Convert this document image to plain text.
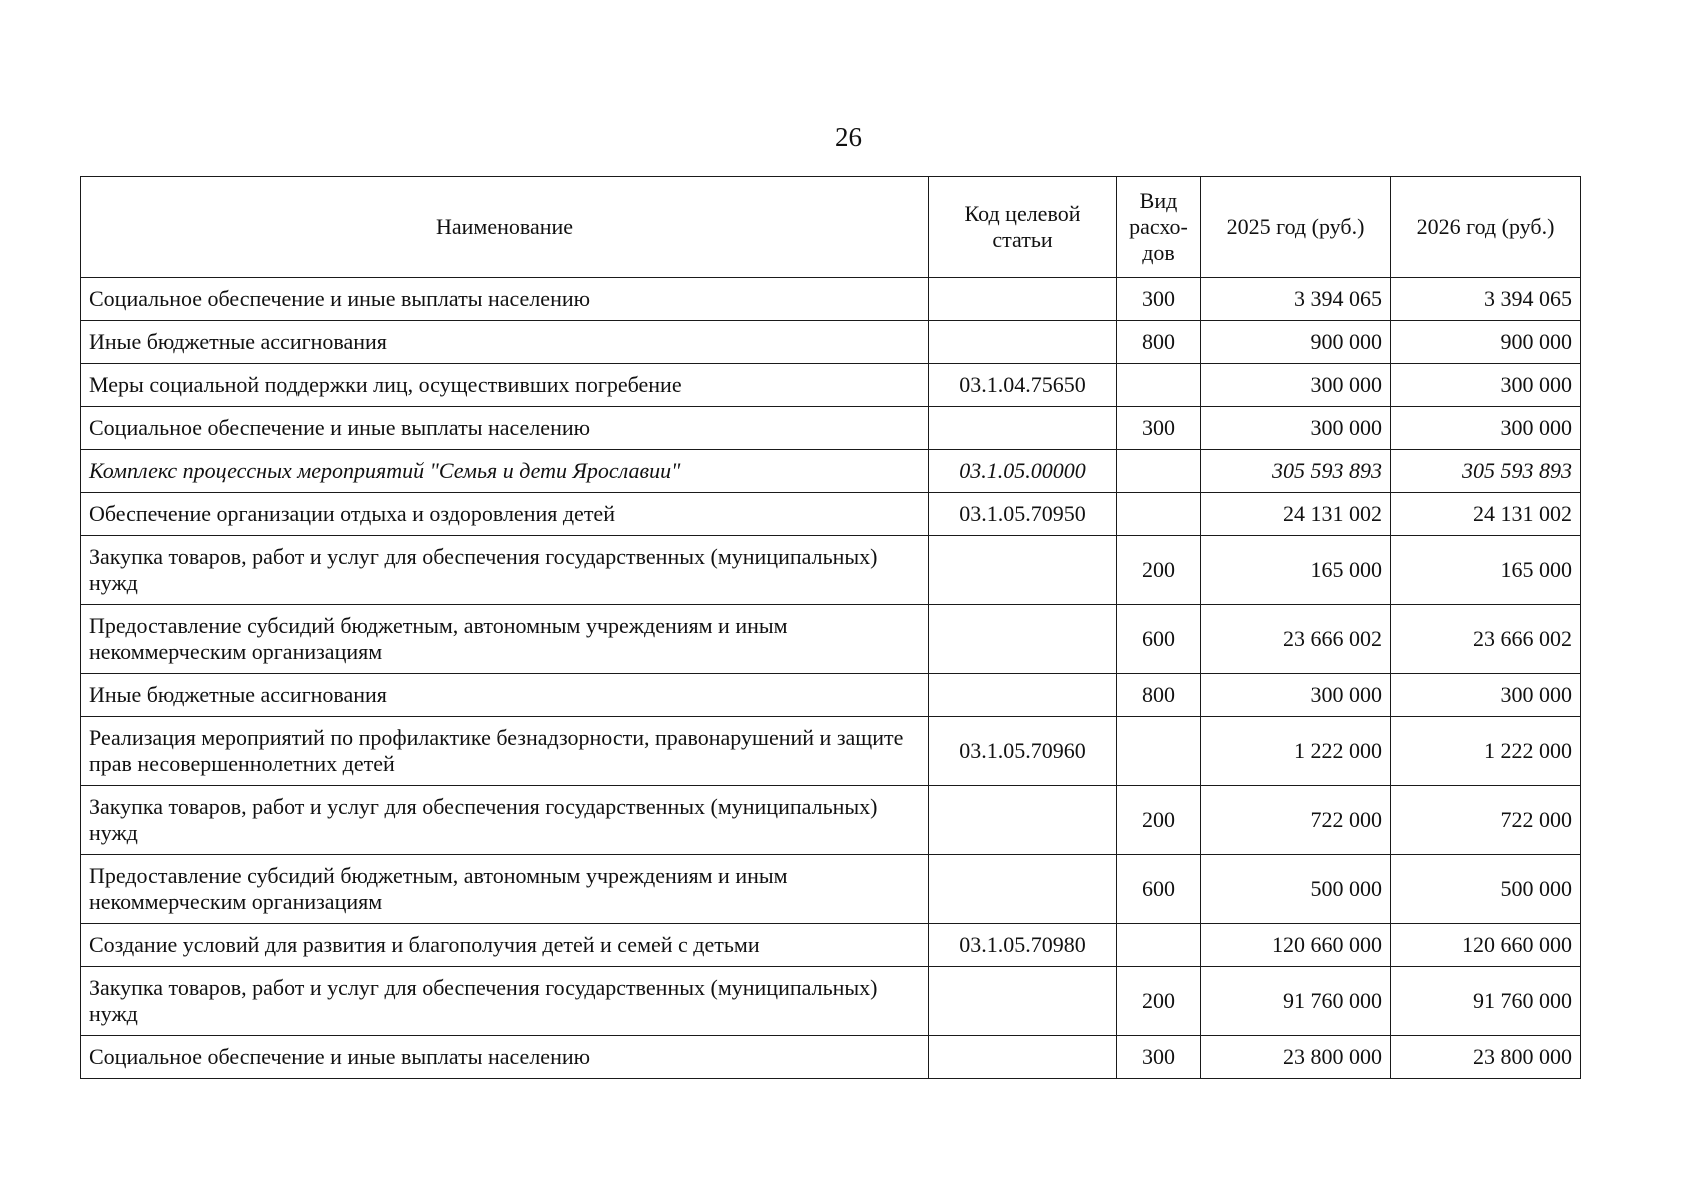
26
Наименование	Код целевой статьи	Вид расхо-дов	2025 год (руб.)	2026 год (руб.)
Социальное обеспечение и иные выплаты населению		300	3 394 065	3 394 065
Иные бюджетные ассигнования		800	900 000	900 000
Меры социальной поддержки лиц, осуществивших погребение	03.1.04.75650		300 000	300 000
Социальное обеспечение и иные выплаты населению		300	300 000	300 000
Комплекс процессных мероприятий "Семья и дети Ярославии"	03.1.05.00000		305 593 893	305 593 893
Обеспечение организации отдыха и оздоровления детей	03.1.05.70950		24 131 002	24 131 002
Закупка товаров, работ и услуг для обеспечения государственных (муниципальных) нужд		200	165 000	165 000
Предоставление субсидий бюджетным, автономным учреждениям и иным некоммерческим организациям		600	23 666 002	23 666 002
Иные бюджетные ассигнования		800	300 000	300 000
Реализация мероприятий по профилактике безнадзорности, правонарушений и защите прав несовершеннолетних детей	03.1.05.70960		1 222 000	1 222 000
Закупка товаров, работ и услуг для обеспечения государственных (муниципальных) нужд		200	722 000	722 000
Предоставление субсидий бюджетным, автономным учреждениям и иным некоммерческим организациям		600	500 000	500 000
Создание условий для развития и благополучия детей и семей с детьми	03.1.05.70980		120 660 000	120 660 000
Закупка товаров, работ и услуг для обеспечения государственных (муниципальных) нужд		200	91 760 000	91 760 000
Социальное обеспечение и иные выплаты населению		300	23 800 000	23 800 000
